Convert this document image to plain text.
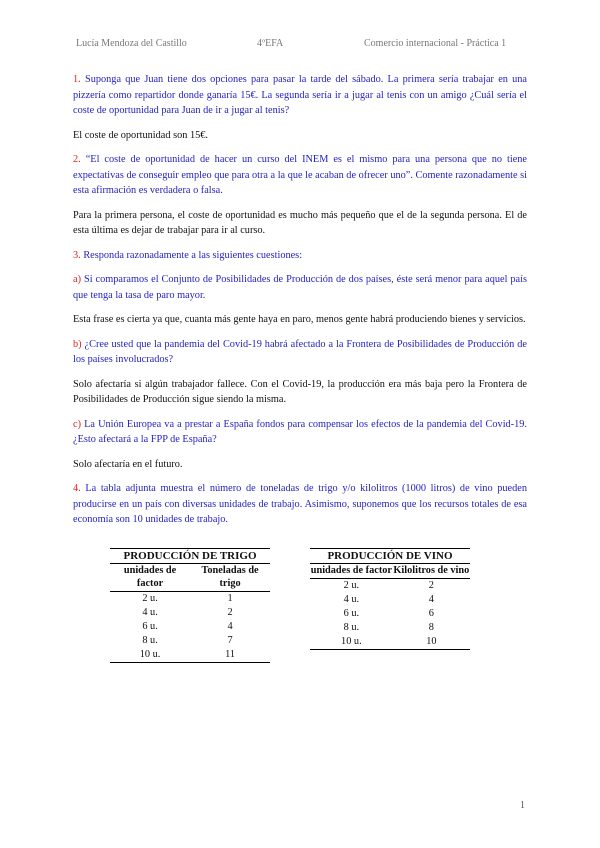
Lucía Mendoza del Castillo	4ºEFA	Comercio internacional - Práctica 1

1. Suponga que Juan tiene dos opciones para pasar la tarde del sábado. La primera sería trabajar en una pizzería como repartidor donde ganaría 15€. La segunda sería ir a jugar al tenis con un amigo ¿Cuál sería el coste de oportunidad para Juan de ir a jugar al tenis?

El coste de oportunidad son 15€.

2. “El coste de oportunidad de hacer un curso del INEM es el mismo para una persona que no tiene expectativas de conseguir empleo que para otra a la que le acaban de ofrecer uno”. Comente razonadamente si esta afirmación es verdadera o falsa.

Para la primera persona, el coste de oportunidad es mucho más pequeño que el de la segunda persona. El de esta última es dejar de trabajar para ir al curso.

3. Responda razonadamente a las siguientes cuestiones:

a) Si comparamos el Conjunto de Posibilidades de Producción de dos países, éste será menor para aquel país que tenga la tasa de paro mayor.

Esta frase es cierta ya que, cuanta más gente haya en paro, menos gente habrá produciendo bienes y servicios.

b) ¿Cree usted que la pandemia del Covid-19 habrá afectado a la Frontera de Posibilidades de Producción de los países involucrados?

Solo afectaría si algún trabajador fallece. Con el Covid-19, la producción era más baja pero la Frontera de Posibilidades de Producción sigue siendo la misma.

c) La Unión Europea va a prestar a España fondos para compensar los efectos de la pandemia del Covid-19. ¿Esto afectará a la FPP de España?

Solo afectaría en el futuro.

4. La tabla adjunta muestra el número de toneladas de trigo y/o kilolitros (1000 litros) de vino pueden producirse en un país con diversas unidades de trabajo. Asimismo, suponemos que los recursos totales de esa economía son 10 unidades de trabajo.

PRODUCCIÓN DE TRIGO	
unidades de factor	Toneladas de trigo
2 u.	1
4 u.	2
6 u.	4
8 u.	7
10 u.	11
PRODUCCIÓN DE VINO	
unidades de factor	Kilolitros de vino
2 u.	2
4 u.	4
6 u.	6
8 u.	8
10 u.	10
1
